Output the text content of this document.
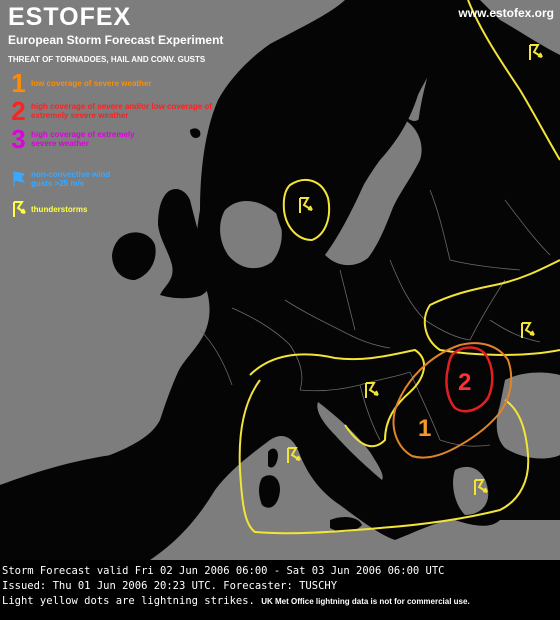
1
2
ESTOFEX
European Storm Forecast Experiment
www.estofex.org
THREAT OF TORNADOES, HAIL AND CONV. GUSTS
1 low coverage of severe weather
2 high coverage of severe and/or low coverage of extremely severe weather
3 high coverage of extremely severe weather
non-convective wind gusts >25 m/s
thunderstorms
Storm Forecast valid Fri 02 Jun 2006 06:00 - Sat 03 Jun 2006 06:00 UTC
Issued: Thu 01 Jun 2006 20:23 UTC. Forecaster: TUSCHY
Light yellow dots are lightning strikes. UK Met Office lightning data is not for commercial use.
